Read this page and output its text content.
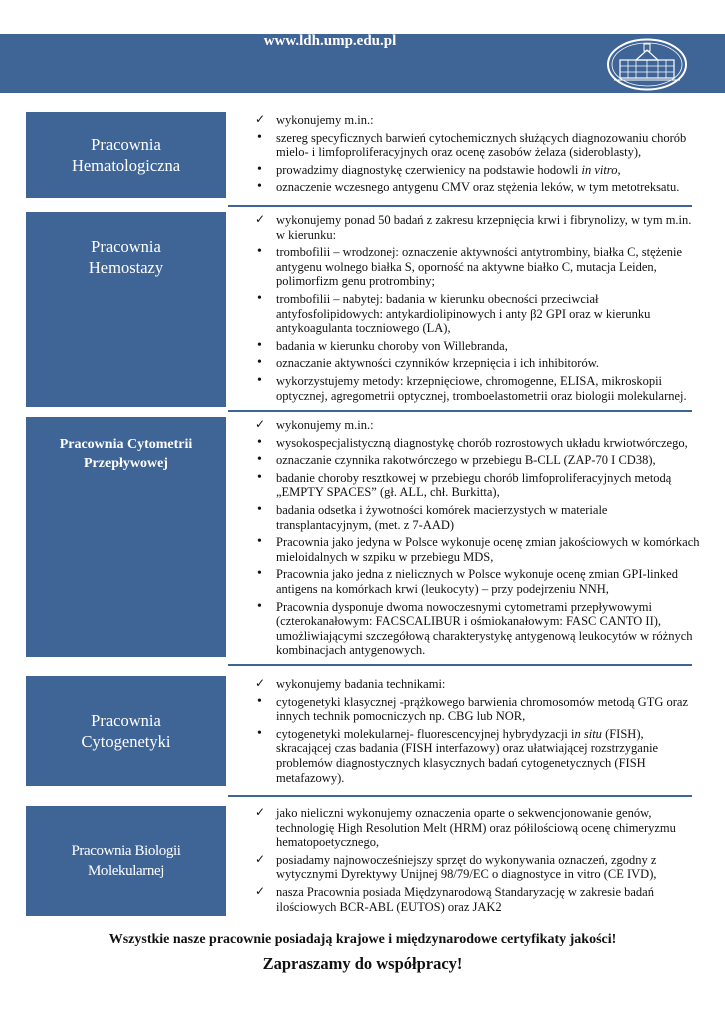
OFERTA LABORATORIUM DIAGNOSTYKI HEMATOLOGICZNEJ
www.ldh.ump.edu.pl
Pracownia
Hematologiczna
✓ wykonujemy m.in.:
• szereg specyficznych barwień cytochemicznych służących diagnozowaniu chorób mielo- i limfoproliferacyjnych oraz ocenę zasobów żelaza (sideroblasty),
• prowadzimy diagnostykę czerwienicy na podstawie hodowli in vitro,
• oznaczenie wczesnego antygenu CMV oraz stężenia leków, w tym metotreksatu.
Pracownia
Hemostazy
✓ wykonujemy ponad 50 badań z zakresu krzepnięcia krwi i fibrynolizy, w tym m.in. w kierunku:
• trombofilii – wrodzonej: oznaczenie aktywności antytrombiny, białka C, stężenie antygenu wolnego białka S, oporność na aktywne białko C, mutacja Leiden, polimorfizm genu protrombiny;
• trombofilii – nabytej: badania w kierunku obecności przeciwciał antyfosfolipidowych: antykardiolipinowych i anty β2 GPI oraz w kierunku antykoagulanta toczniowego (LA),
• badania w kierunku choroby von Willebranda,
• oznaczanie aktywności czynników krzepnięcia i ich inhibitorów.
• wykorzystujemy metody: krzepnięciowe, chromogenne, ELISA, mikroskopii optycznej, agregometrii optycznej, tromboelastometrii oraz biologii molekularnej.
Pracownia Cytometrii
Przepływowej
✓ wykonujemy m.in.:
• wysokospecjalistyczną diagnostykę chorób rozrostowych układu krwiotwórczego,
• oznaczanie czynnika rakotwórczego w przebiegu B-CLL (ZAP-70 I CD38),
• badanie choroby resztkowej w przebiegu chorób limfoproliferacyjnych metodą „EMPTY SPACES” (gł. ALL, chł. Burkitta),
• badania odsetka i żywotności komórek macierzystych w materiale transplantacyjnym, (met. z 7-AAD)
• Pracownia jako jedyna w Polsce wykonuje ocenę zmian jakościowych w komórkach mieloidalnych w szpiku w przebiegu MDS,
• Pracownia jako jedna z nielicznych w Polsce wykonuje ocenę zmian GPI-linked antigens na komórkach krwi (leukocyty) – przy podejrzeniu NNH,
• Pracownia dysponuje dwoma nowoczesnymi cytometrami przepływowymi (czterokanałowym: FACSCALIBUR i ośmiokanałowym: FASC CANTO II), umożliwiającymi szczegółową charakterystykę antygenową leukocytów w różnych kombinacjach antygenowych.
Pracownia
Cytogenetyki
✓ wykonujemy badania technikami:
• cytogenetyki klasycznej -prążkowego barwienia chromosomów metodą GTG oraz innych technik pomocniczych np. CBG lub NOR,
• cytogenetyki molekularnej- fluorescencyjnej hybrydyzacji in situ (FISH), skracającej czas badania (FISH interfazowy) oraz ułatwiającej rozstrzyganie problemów diagnostycznych klasycznych badań cytogenetycznych (FISH metafazowy).
Pracownia Biologii
Molekularnej
✓ jako nieliczni wykonujemy oznaczenia oparte o sekwencjonowanie genów, technologię High Resolution Melt (HRM) oraz półilościową ocenę chimeryzmu hematopoetycznego,
✓ posiadamy najnowocześniejszy sprzęt do wykonywania oznaczeń, zgodny z wytycznymi Dyrektywy Unijnej 98/79/EC o diagnostyce in vitro (CE IVD),
✓ nasza Pracownia posiada Międzynarodową Standaryzację w zakresie badań ilościowych BCR-ABL (EUTOS) oraz JAK2
Wszystkie nasze pracownie posiadają krajowe i międzynarodowe certyfikaty jakości!
Zapraszamy do współpracy!
